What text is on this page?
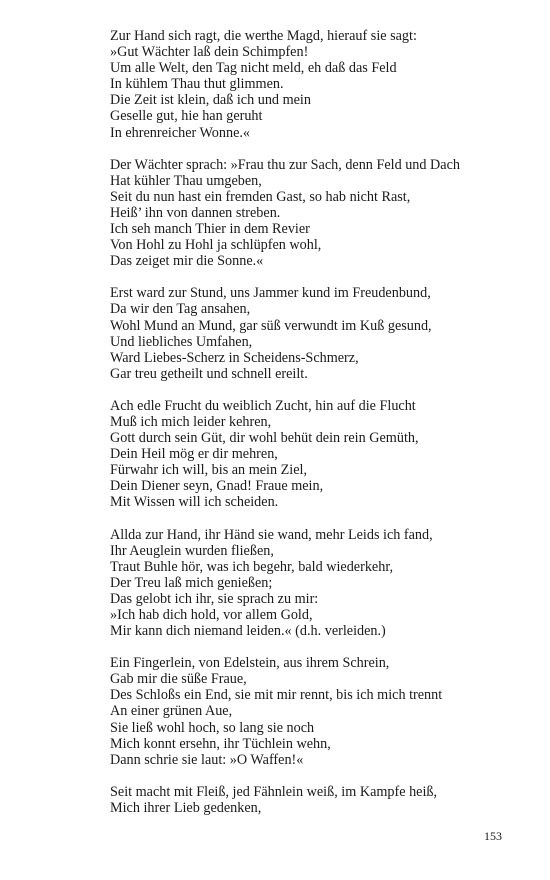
Zur Hand sich ragt, die werthe Magd, hierauf sie sagt:
»Gut Wächter laß dein Schimpfen!
Um alle Welt, den Tag nicht meld, eh daß das Feld
In kühlem Thau thut glimmen.
Die Zeit ist klein, daß ich und mein
Geselle gut, hie han geruht
In ehrenreicher Wonne.«
Der Wächter sprach: »Frau thu zur Sach, denn Feld und Dach
Hat kühler Thau umgeben,
Seit du nun hast ein fremden Gast, so hab nicht Rast,
Heiß’ ihn von dannen streben.
Ich seh manch Thier in dem Revier
Von Hohl zu Hohl ja schlüpfen wohl,
Das zeiget mir die Sonne.«
Erst ward zur Stund, uns Jammer kund im Freudenbund,
Da wir den Tag ansahen,
Wohl Mund an Mund, gar süß verwundt im Kuß gesund,
Und liebliches Umfahen,
Ward Liebes-Scherz in Scheidens-Schmerz,
Gar treu getheilt und schnell ereilt.
Ach edle Frucht du weiblich Zucht, hin auf die Flucht
Muß ich mich leider kehren,
Gott durch sein Güt, dir wohl behüt dein rein Gemüth,
Dein Heil mög er dir mehren,
Fürwahr ich will, bis an mein Ziel,
Dein Diener seyn, Gnad! Fraue mein,
Mit Wissen will ich scheiden.
Allda zur Hand, ihr Händ sie wand, mehr Leids ich fand,
Ihr Aeuglein wurden fließen,
Traut Buhle hör, was ich begehr, bald wiederkehr,
Der Treu laß mich genießen;
Das gelobt ich ihr, sie sprach zu mir:
»Ich hab dich hold, vor allem Gold,
Mir kann dich niemand leiden.« (d.h. verleiden.)
Ein Fingerlein, von Edelstein, aus ihrem Schrein,
Gab mir die süße Fraue,
Des Schloßs ein End, sie mit mir rennt, bis ich mich trennt
An einer grünen Aue,
Sie ließ wohl hoch, so lang sie noch
Mich konnt ersehn, ihr Tüchlein wehn,
Dann schrie sie laut: »O Waffen!«
Seit macht mit Fleiß, jed Fähnlein weiß, im Kampfe heiß,
Mich ihrer Lieb gedenken,
153
